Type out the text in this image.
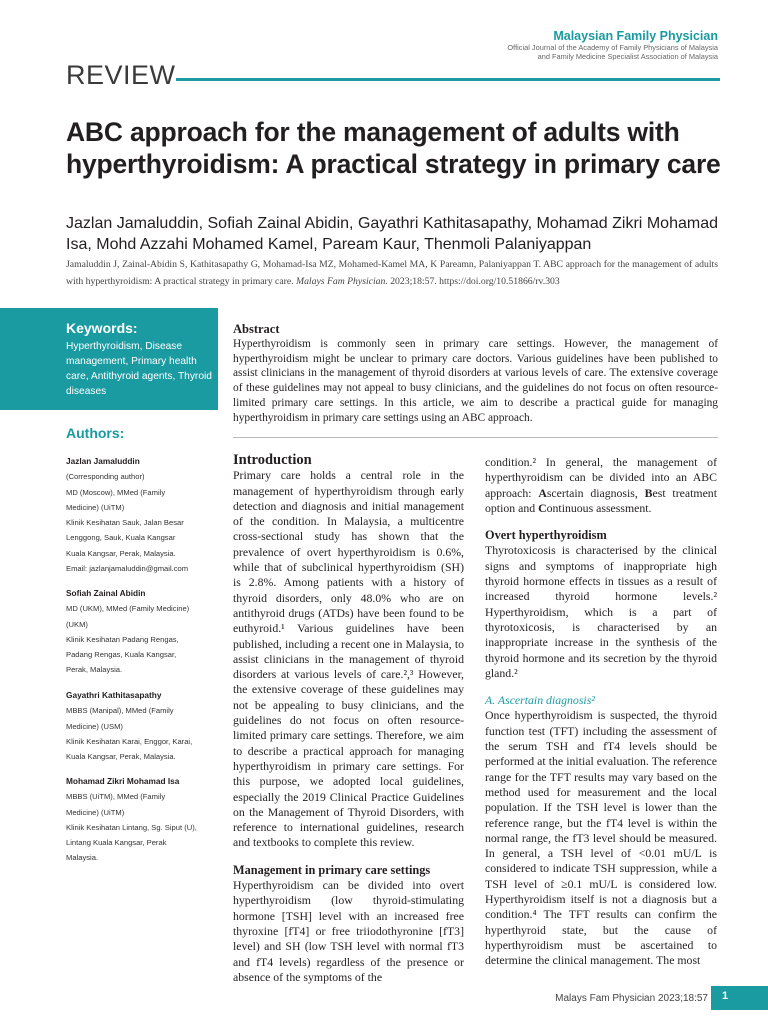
Malaysian Family Physician
Official Journal of the Academy of Family Physicians of Malaysia
and Family Medicine Specialist Association of Malaysia
REVIEW
ABC approach for the management of adults with hyperthyroidism: A practical strategy in primary care
Jazlan Jamaluddin, Sofiah Zainal Abidin, Gayathri Kathitasapathy, Mohamad Zikri Mohamad Isa, Mohd Azzahi Mohamed Kamel, Paream Kaur, Thenmoli Palaniyappan
Jamaluddin J, Zainal-Abidin S, Kathitasapathy G, Mohamad-Isa MZ, Mohamed-Kamel MA, K Pareamn, Palaniyappan T. ABC approach for the management of adults with hyperthyroidism: A practical strategy in primary care. Malays Fam Physician. 2023;18:57. https://doi.org/10.51866/rv.303
Keywords:
Hyperthyroidism, Disease management, Primary health care, Antithyroid agents, Thyroid diseases
Authors:
Jazlan Jamaluddin
(Corresponding author)
MD (Moscow), MMed (Family
Medicine) (UiTM)
Klinik Kesihatan Sauk, Jalan Besar
Lenggong, Sauk, Kuala Kangsar
Kuala Kangsar, Perak, Malaysia.
Email: jazlanjamaluddin@gmail.com
Sofiah Zainal Abidin
MD (UKM), MMed (Family Medicine)
(UKM)
Klinik Kesihatan Padang Rengas,
Padang Rengas, Kuala Kangsar,
Perak, Malaysia.
Gayathri Kathitasapathy
MBBS (Manipal), MMed (Family
Medicine) (USM)
Klinik Kesihatan Karai, Enggor, Karai,
Kuala Kangsar, Perak, Malaysia.
Mohamad Zikri Mohamad Isa
MBBS (UiTM), MMed (Family
Medicine) (UiTM)
Klinik Kesihatan Lintang, Sg. Siput (U),
Lintang Kuala Kangsar, Perak
Malaysia.
Abstract
Hyperthyroidism is commonly seen in primary care settings. However, the management of hyperthyroidism might be unclear to primary care doctors. Various guidelines have been published to assist clinicians in the management of thyroid disorders at various levels of care. The extensive coverage of these guidelines may not appeal to busy clinicians, and the guidelines do not focus on often resource-limited primary care settings. In this article, we aim to describe a practical guide for managing hyperthyroidism in primary care settings using an ABC approach.
Introduction

Primary care holds a central role in the management of hyperthyroidism through early detection and diagnosis and initial management of the condition. In Malaysia, a multicentre cross-sectional study has shown that the prevalence of overt hyperthyroidism is 0.6%, while that of subclinical hyperthyroidism (SH) is 2.8%. Among patients with a history of thyroid disorders, only 48.0% who are on antithyroid drugs (ATDs) have been found to be euthyroid.¹ Various guidelines have been published, including a recent one in Malaysia, to assist clinicians in the management of thyroid disorders at various levels of care.²,³ However, the extensive coverage of these guidelines may not be appealing to busy clinicians, and the guidelines do not focus on often resource-limited primary care settings. Therefore, we aim to describe a practical approach for managing hyperthyroidism in primary care settings. For this purpose, we adopted local guidelines, especially the 2019 Clinical Practice Guidelines on the Management of Thyroid Disorders, with reference to international guidelines, research and textbooks to complete this review.

Management in primary care settings

Hyperthyroidism can be divided into overt hyperthyroidism (low thyroid-stimulating hormone [TSH] level with an increased free thyroxine [fT4] or free triiodothyronine [fT3] level) and SH (low TSH level with normal fT3 and fT4 levels) regardless of the presence or absence of the symptoms of the

condition.² In general, the management of hyperthyroidism can be divided into an ABC approach: Ascertain diagnosis, Best treatment option and Continuous assessment.

Overt hyperthyroidism

Thyrotoxicosis is characterised by the clinical signs and symptoms of inappropriate high thyroid hormone effects in tissues as a result of increased thyroid hormone levels.² Hyperthyroidism, which is a part of thyrotoxicosis, is characterised by an inappropriate increase in the synthesis of the thyroid hormone and its secretion by the thyroid gland.²

A. Ascertain diagnosis²

Once hyperthyroidism is suspected, the thyroid function test (TFT) including the assessment of the serum TSH and fT4 levels should be performed at the initial evaluation. The reference range for the TFT results may vary based on the method used for measurement and the local population. If the TSH level is lower than the reference range, but the fT4 level is within the normal range, the fT3 level should be measured. In general, a TSH level of <0.01 mU/L is considered to indicate TSH suppression, while a TSH level of ≥0.1 mU/L is considered low. Hyperthyroidism itself is not a diagnosis but a condition.⁴ The TFT results can confirm the hyperthyroid state, but the cause of hyperthyroidism must be ascertained to determine the clinical management. The most

Malays Fam Physician 2023;18:57 1
